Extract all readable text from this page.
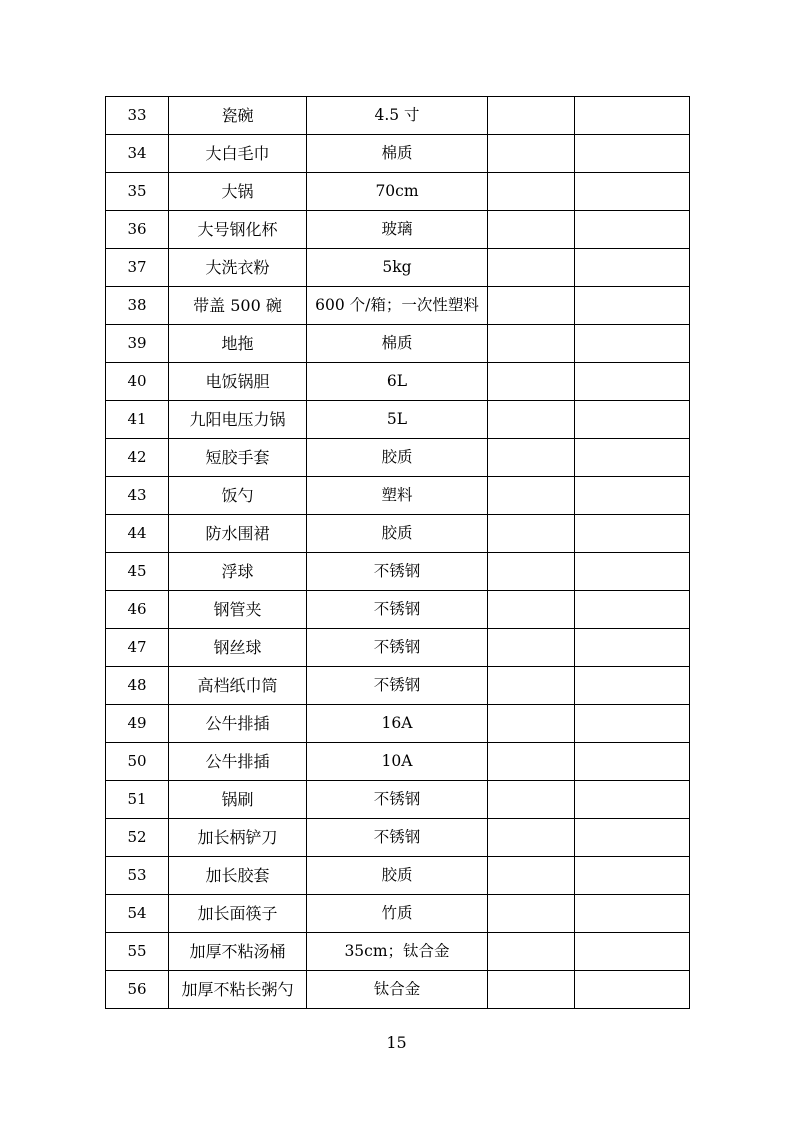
33	瓷碗	4.5 寸		
34	大白毛巾	棉质		
35	大锅	70cm		
36	大号钢化杯	玻璃		
37	大洗衣粉	5kg		
38	带盖 500 碗	600 个/箱；一次性塑料		
39	地拖	棉质		
40	电饭锅胆	6L		
41	九阳电压力锅	5L		
42	短胶手套	胶质		
43	饭勺	塑料		
44	防水围裙	胶质		
45	浮球	不锈钢		
46	钢管夹	不锈钢		
47	钢丝球	不锈钢		
48	高档纸巾筒	不锈钢		
49	公牛排插	16A		
50	公牛排插	10A		
51	锅刷	不锈钢		
52	加长柄铲刀	不锈钢		
53	加长胶套	胶质		
54	加长面筷子	竹质		
55	加厚不粘汤桶	35cm；钛合金		
56	加厚不粘长粥勺	钛合金		
15
